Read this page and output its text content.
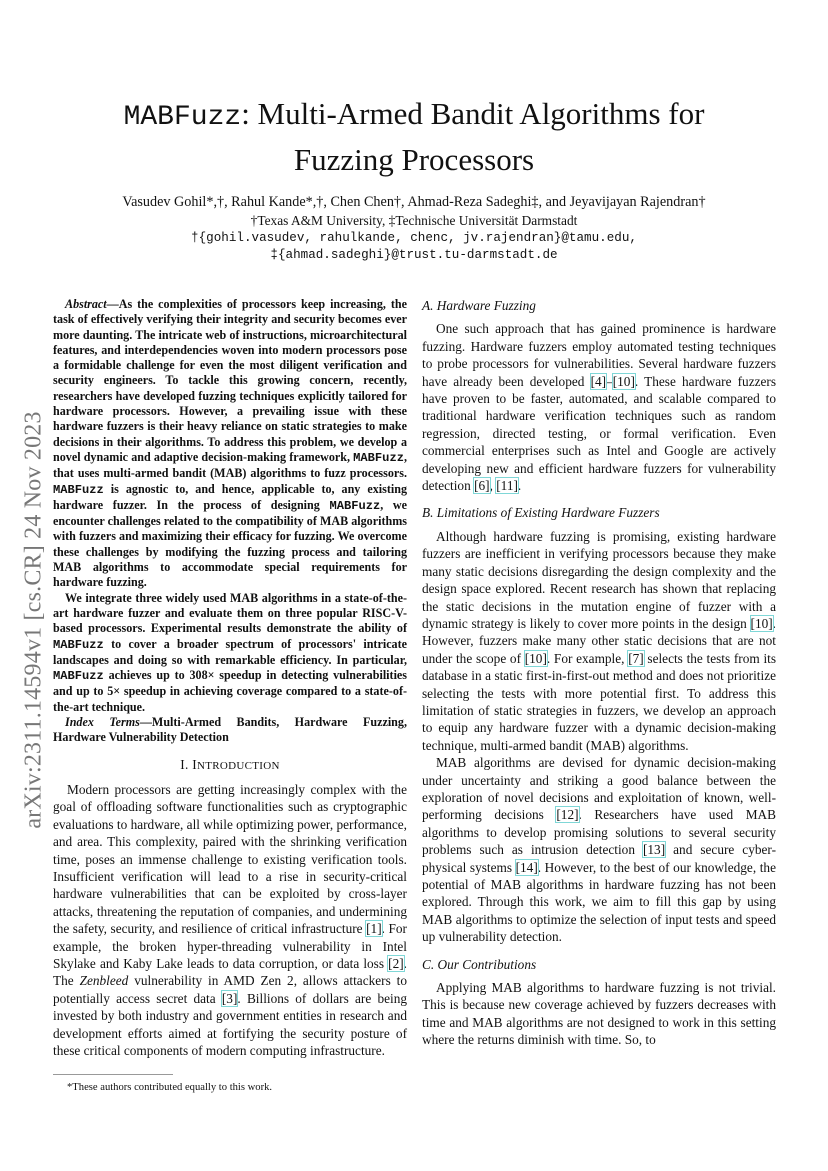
arXiv:2311.14594v1 [cs.CR] 24 Nov 2023
MABFuzz: Multi-Armed Bandit Algorithms for
Fuzzing Processors
Vasudev Gohil*,†, Rahul Kande*,†, Chen Chen†, Ahmad-Reza Sadeghi‡, and Jeyavijayan Rajendran†
†Texas A&M University, ‡Technische Universität Darmstadt
†{gohil.vasudev, rahulkande, chenc, jv.rajendran}@tamu.edu,
‡{ahmad.sadeghi}@trust.tu-darmstadt.de

Abstract—As the complexities of processors keep increasing, the task of effectively verifying their integrity and security becomes ever more daunting. The intricate web of instructions, microarchitectural features, and interdependencies woven into modern processors pose a formidable challenge for even the most diligent verification and security engineers. To tackle this growing concern, recently, researchers have developed fuzzing techniques explicitly tailored for hardware processors. However, a prevailing issue with these hardware fuzzers is their heavy reliance on static strategies to make decisions in their algorithms. To address this problem, we develop a novel dynamic and adaptive decision-making framework, MABFuzz, that uses multi-armed bandit (MAB) algorithms to fuzz processors. MABFuzz is agnostic to, and hence, applicable to, any existing hardware fuzzer. In the process of designing MABFuzz, we encounter challenges related to the compatibility of MAB algorithms with fuzzers and maximizing their efficacy for fuzzing. We overcome these challenges by modifying the fuzzing process and tailoring MAB algorithms to accommodate special requirements for hardware fuzzing.

We integrate three widely used MAB algorithms in a state-of-the-art hardware fuzzer and evaluate them on three popular RISC-V-based processors. Experimental results demonstrate the ability of MABFuzz to cover a broader spectrum of processors' intricate landscapes and doing so with remarkable efficiency. In particular, MABFuzz achieves up to 308× speedup in detecting vulnerabilities and up to 5× speedup in achieving coverage compared to a state-of-the-art technique.

Index Terms—Multi-Armed Bandits, Hardware Fuzzing, Hardware Vulnerability Detection

I. INTRODUCTION

Modern processors are getting increasingly complex with the goal of offloading software functionalities such as cryptographic evaluations to hardware, all while optimizing power, performance, and area. This complexity, paired with the shrinking verification time, poses an immense challenge to existing verification tools. Insufficient verification will lead to a rise in security-critical hardware vulnerabilities that can be exploited by cross-layer attacks, threatening the reputation of companies, and undermining the safety, security, and resilience of critical infrastructure [1]. For example, the broken hyper-threading vulnerability in Intel Skylake and Kaby Lake leads to data corruption, or data loss [2]. The Zenbleed vulnerability in AMD Zen 2, allows attackers to potentially access secret data [3]. Billions of dollars are being invested by both industry and government entities in research and development efforts aimed at fortifying the security posture of these critical components of modern computing infrastructure.

*These authors contributed equally to this work.
A. Hardware Fuzzing

One such approach that has gained prominence is hardware fuzzing. Hardware fuzzers employ automated testing techniques to probe processors for vulnerabilities. Several hardware fuzzers have already been developed [4]–[10]. These hardware fuzzers have proven to be faster, automated, and scalable compared to traditional hardware verification techniques such as random regression, directed testing, or formal verification. Even commercial enterprises such as Intel and Google are actively developing new and efficient hardware fuzzers for vulnerability detection [6], [11].

B. Limitations of Existing Hardware Fuzzers

Although hardware fuzzing is promising, existing hardware fuzzers are inefficient in verifying processors because they make many static decisions disregarding the design complexity and the design space explored. Recent research has shown that replacing the static decisions in the mutation engine of fuzzer with a dynamic strategy is likely to cover more points in the design [10]. However, fuzzers make many other static decisions that are not under the scope of [10]. For example, [7] selects the tests from its database in a static first-in-first-out method and does not prioritize selecting the tests with more potential first. To address this limitation of static strategies in fuzzers, we develop an approach to equip any hardware fuzzer with a dynamic decision-making technique, multi-armed bandit (MAB) algorithms.

MAB algorithms are devised for dynamic decision-making under uncertainty and striking a good balance between the exploration of novel decisions and exploitation of known, well-performing decisions [12]. Researchers have used MAB algorithms to develop promising solutions to several security problems such as intrusion detection [13] and secure cyber-physical systems [14]. However, to the best of our knowledge, the potential of MAB algorithms in hardware fuzzing has not been explored. Through this work, we aim to fill this gap by using MAB algorithms to optimize the selection of input tests and speed up vulnerability detection.

C. Our Contributions

Applying MAB algorithms to hardware fuzzing is not trivial. This is because new coverage achieved by fuzzers decreases with time and MAB algorithms are not designed to work in this setting where the returns diminish with time. So, to
